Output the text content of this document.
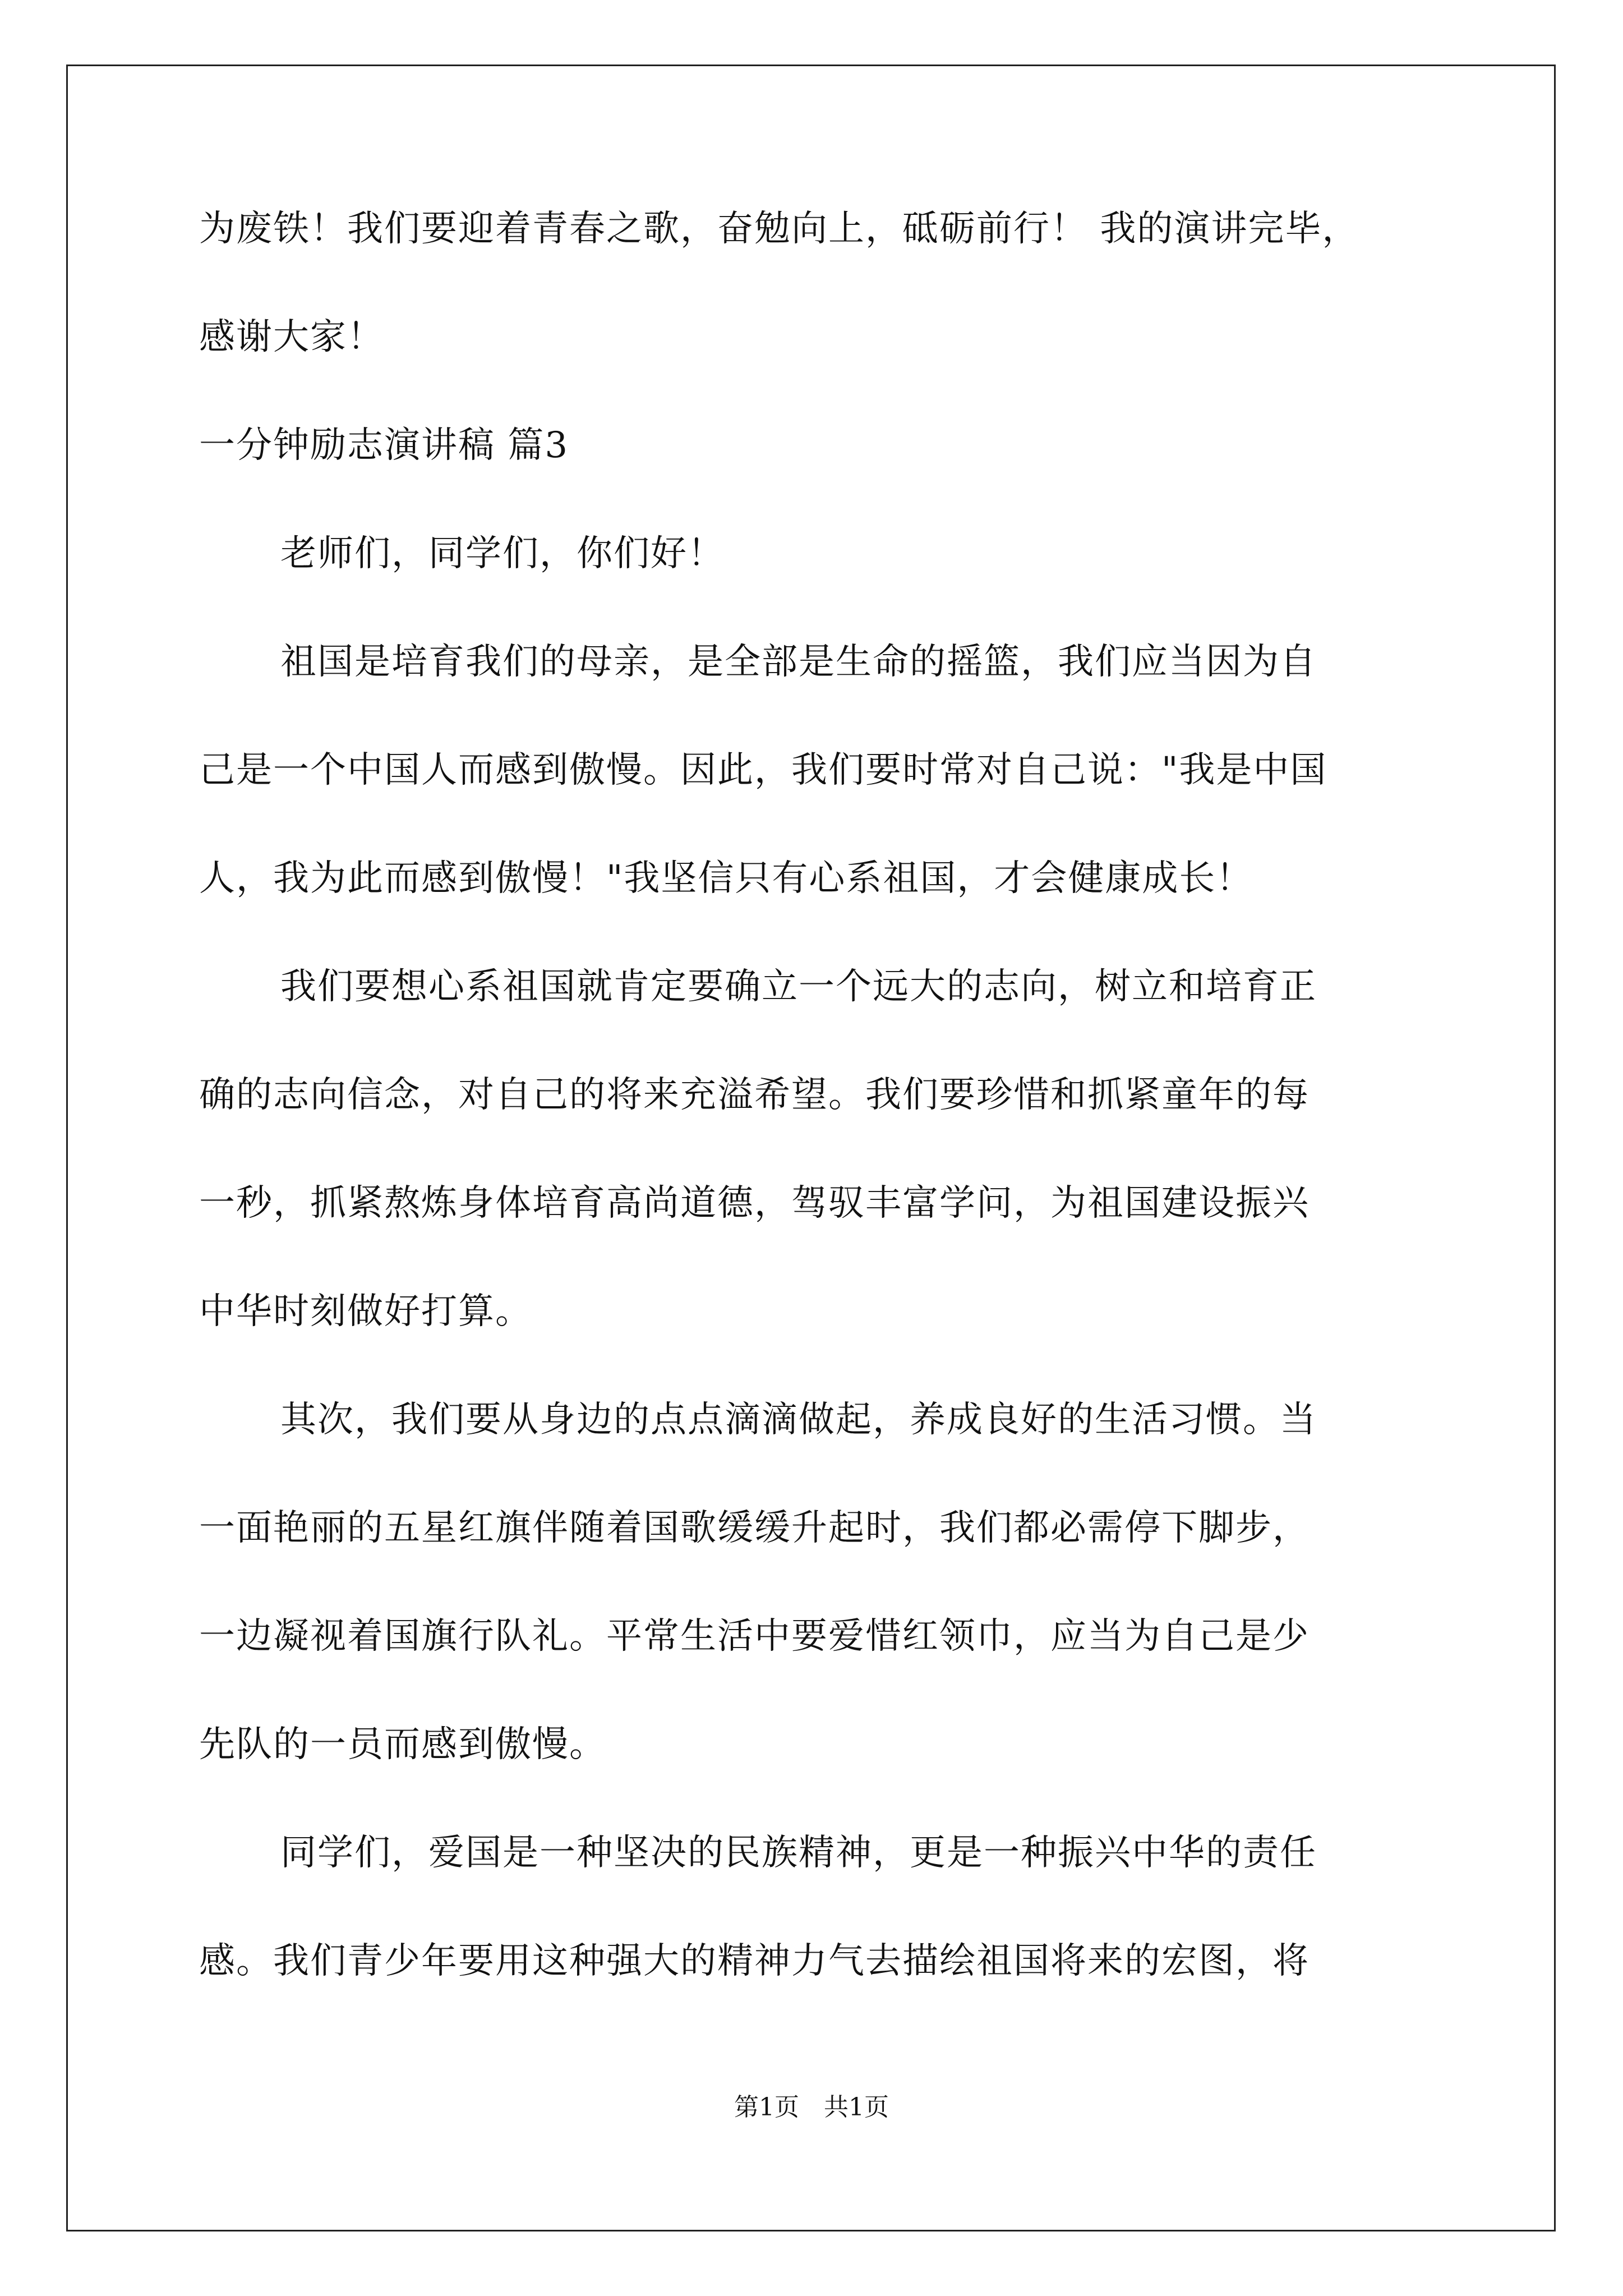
为废铁！我们要迎着青春之歌，奋勉向上，砥砺前行！ 我的演讲完毕，

感谢大家！

一分钟励志演讲稿 篇3

老师们，同学们，你们好！

祖国是培育我们的母亲，是全部是生命的摇篮，我们应当因为自

己是一个中国人而感到傲慢。因此，我们要时常对自己说："我是中国

人，我为此而感到傲慢！"我坚信只有心系祖国，才会健康成长！

我们要想心系祖国就肯定要确立一个远大的志向，树立和培育正

确的志向信念，对自己的将来充溢希望。我们要珍惜和抓紧童年的每

一秒，抓紧熬炼身体培育高尚道德，驾驭丰富学问，为祖国建设振兴

中华时刻做好打算。

其次，我们要从身边的点点滴滴做起，养成良好的生活习惯。当

一面艳丽的五星红旗伴随着国歌缓缓升起时，我们都必需停下脚步，

一边凝视着国旗行队礼。平常生活中要爱惜红领巾，应当为自己是少

先队的一员而感到傲慢。

同学们，爱国是一种坚决的民族精神，更是一种振兴中华的责任

感。我们青少年要用这种强大的精神力气去描绘祖国将来的宏图，将

第1页　共1页
